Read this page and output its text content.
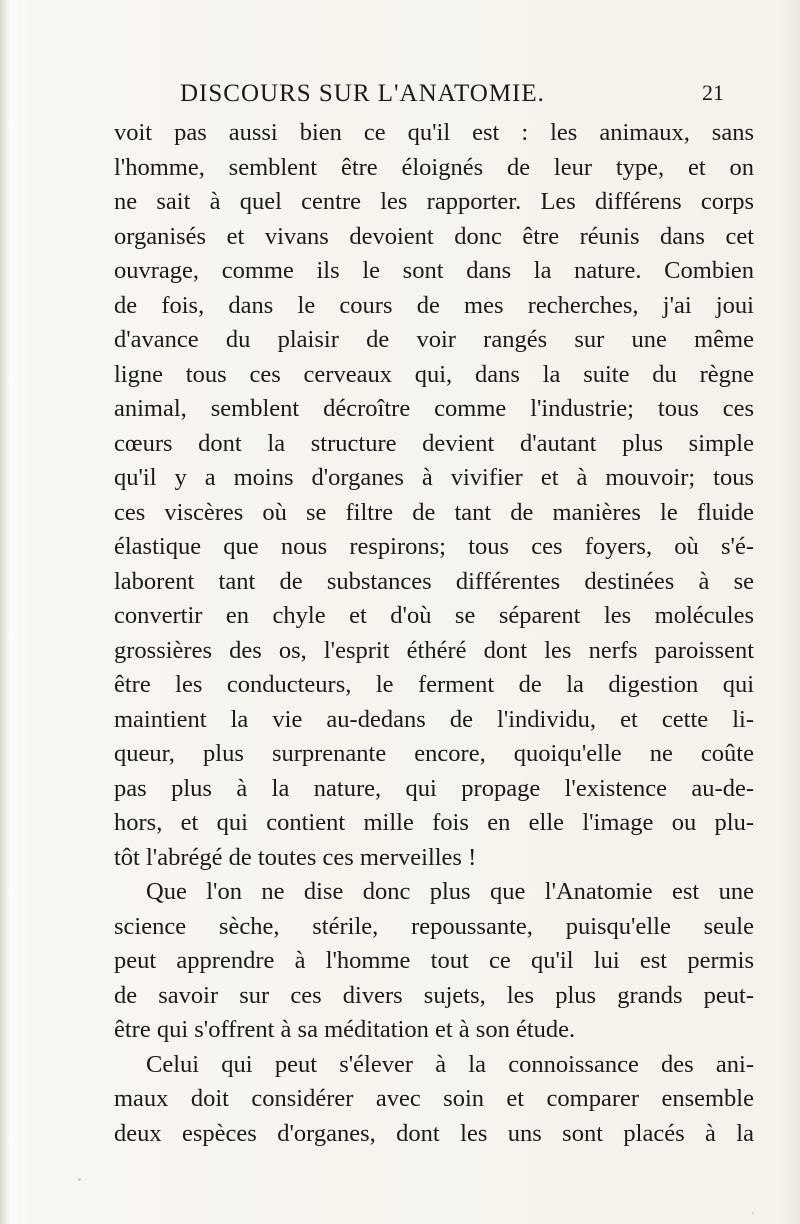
DISCOURS SUR L'ANATOMIE.	21
voit pas aussi bien ce qu'il est : les animaux, sans
l'homme, semblent être éloignés de leur type, et on
ne sait à quel centre les rapporter. Les différens corps
organisés et vivans devoient donc être réunis dans cet
ouvrage, comme ils le sont dans la nature. Combien
de fois, dans le cours de mes recherches, j'ai joui
d'avance du plaisir de voir rangés sur une même
ligne tous ces cerveaux qui, dans la suite du règne
animal, semblent décroître comme l'industrie; tous ces
cœurs dont la structure devient d'autant plus simple
qu'il y a moins d'organes à vivifier et à mouvoir; tous
ces viscères où se filtre de tant de manières le fluide
élastique que nous respirons; tous ces foyers, où s'é-
laborent tant de substances différentes destinées à se
convertir en chyle et d'où se séparent les molécules
grossières des os, l'esprit éthéré dont les nerfs paroissent
être les conducteurs, le ferment de la digestion qui
maintient la vie au-dedans de l'individu, et cette li-
queur, plus surprenante encore, quoiqu'elle ne coûte
pas plus à la nature, qui propage l'existence au-de-
hors, et qui contient mille fois en elle l'image ou plu-
tôt l'abrégé de toutes ces merveilles !
Que l'on ne dise donc plus que l'Anatomie est une
science sèche, stérile, repoussante, puisqu'elle seule
peut apprendre à l'homme tout ce qu'il lui est permis
de savoir sur ces divers sujets, les plus grands peut-
être qui s'offrent à sa méditation et à son étude.
Celui qui peut s'élever à la connoissance des ani-
maux doit considérer avec soin et comparer ensemble
deux espèces d'organes, dont les uns sont placés à la
